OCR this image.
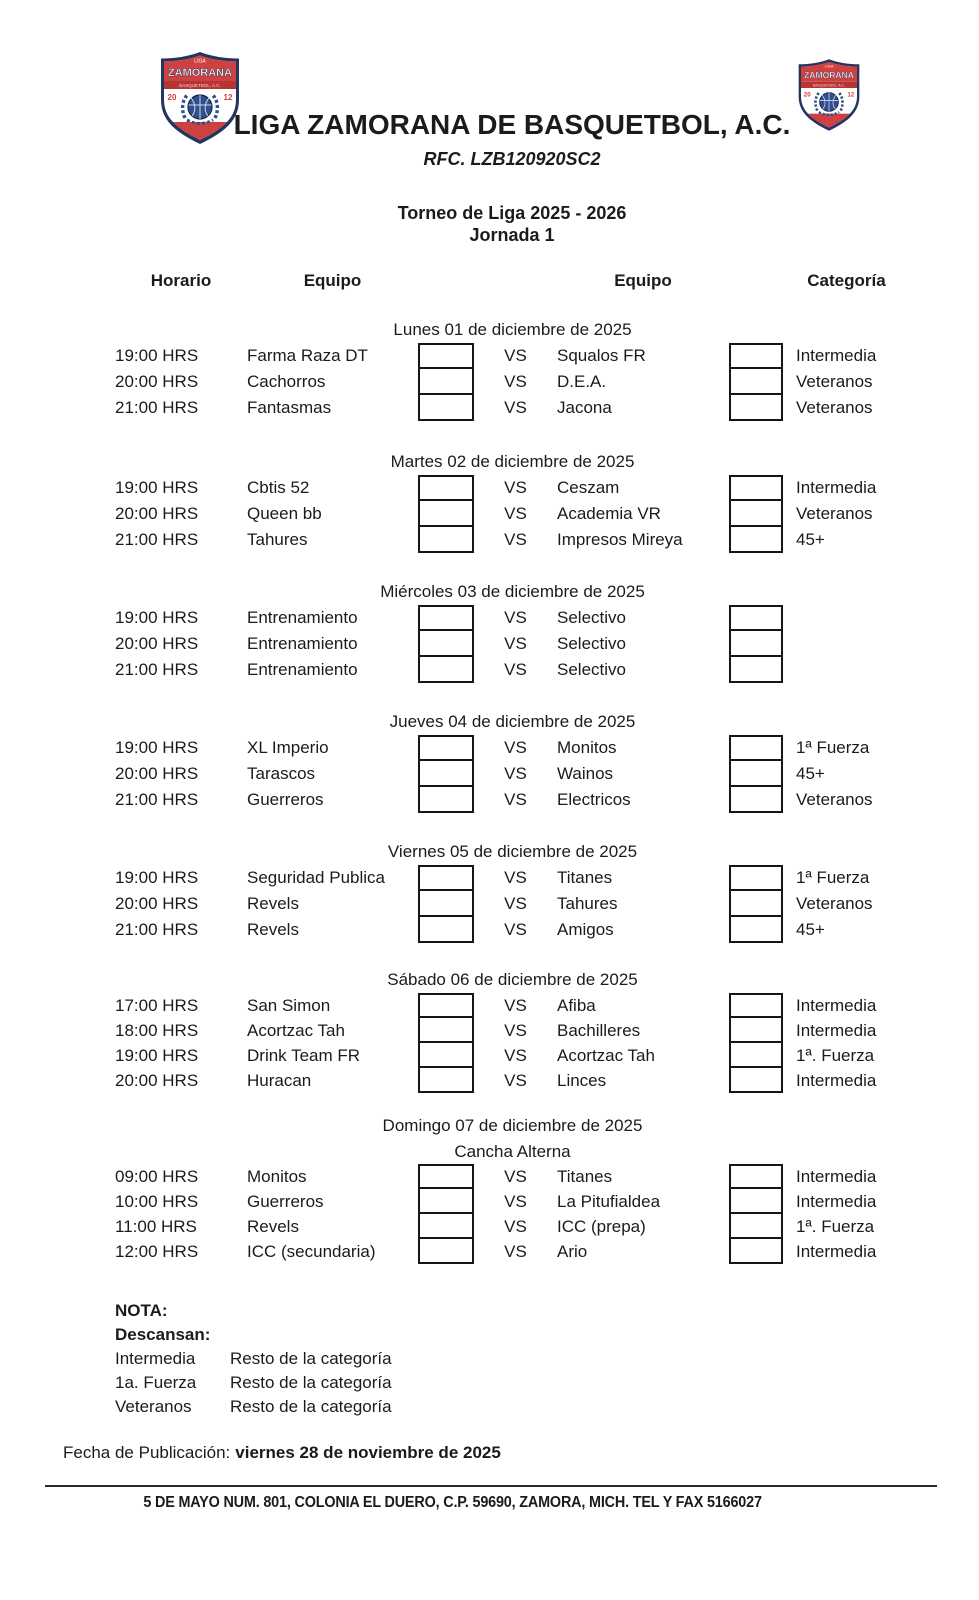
LIGA
ZAMORANA
BASQUETBOL, A.C.
20	12
LIGA
ZAMORANA
BASQUETBOL, A.C.
20	12
LIGA ZAMORANA DE BASQUETBOL, A.C.
RFC. LZB120920SC2
Torneo de Liga 2025 - 2026
Jornada 1
Horario	Equipo	Equipo	Categoría
Lunes 01 de diciembre de 2025
19:00 HRS	Farma Raza DT	VS	Squalos FR	Intermedia
20:00 HRS	Cachorros	VS	D.E.A.	Veteranos
21:00 HRS	Fantasmas	VS	Jacona	Veteranos
Martes 02 de diciembre de 2025
19:00 HRS	Cbtis 52	VS	Ceszam	Intermedia
20:00 HRS	Queen bb	VS	Academia VR	Veteranos
21:00 HRS	Tahures	VS	Impresos Mireya	45+
Miércoles 03 de diciembre de 2025
19:00 HRS	Entrenamiento	VS	Selectivo
20:00 HRS	Entrenamiento	VS	Selectivo
21:00 HRS	Entrenamiento	VS	Selectivo
Jueves 04 de diciembre de 2025
19:00 HRS	XL Imperio	VS	Monitos	1ª Fuerza
20:00 HRS	Tarascos	VS	Wainos	45+
21:00 HRS	Guerreros	VS	Electricos	Veteranos
Viernes 05 de diciembre de 2025
19:00 HRS	Seguridad Publica	VS	Titanes	1ª Fuerza
20:00 HRS	Revels	VS	Tahures	Veteranos
21:00 HRS	Revels	VS	Amigos	45+
Sábado 06 de diciembre de 2025
17:00 HRS	San Simon	VS	Afiba	Intermedia
18:00 HRS	Acortzac Tah	VS	Bachilleres	Intermedia
19:00 HRS	Drink Team FR	VS	Acortzac Tah	1ª. Fuerza
20:00 HRS	Huracan	VS	Linces	Intermedia
Domingo 07 de diciembre de 2025
Cancha Alterna
09:00 HRS	Monitos	VS	Titanes	Intermedia
10:00 HRS	Guerreros	VS	La Pitufialdea	Intermedia
11:00 HRS	Revels	VS	ICC (prepa)	1ª. Fuerza
12:00 HRS	ICC (secundaria)	VS	Ario	Intermedia
NOTA:
Descansan:
Intermedia	Resto de la categoría
1a. Fuerza	Resto de la categoría
Veteranos	Resto de la categoría
Fecha de Publicación: viernes 28 de noviembre de 2025
5 DE MAYO NUM. 801, COLONIA EL DUERO, C.P. 59690, ZAMORA, MICH. TEL Y FAX 5166027
